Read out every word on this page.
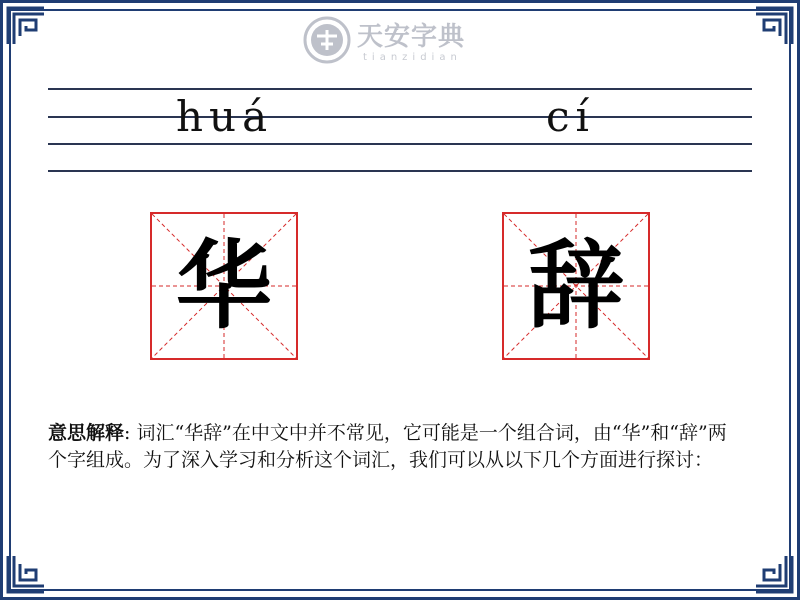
天安字典
tianzidian
huá	cí
华	辞
意思解释: 词汇“华辞”在中文中并不常见，它可能是一个组合词，由“华”和“辞”两个字组成。为了深入学习和分析这个词汇，我们可以从以下几个方面进行探讨：
